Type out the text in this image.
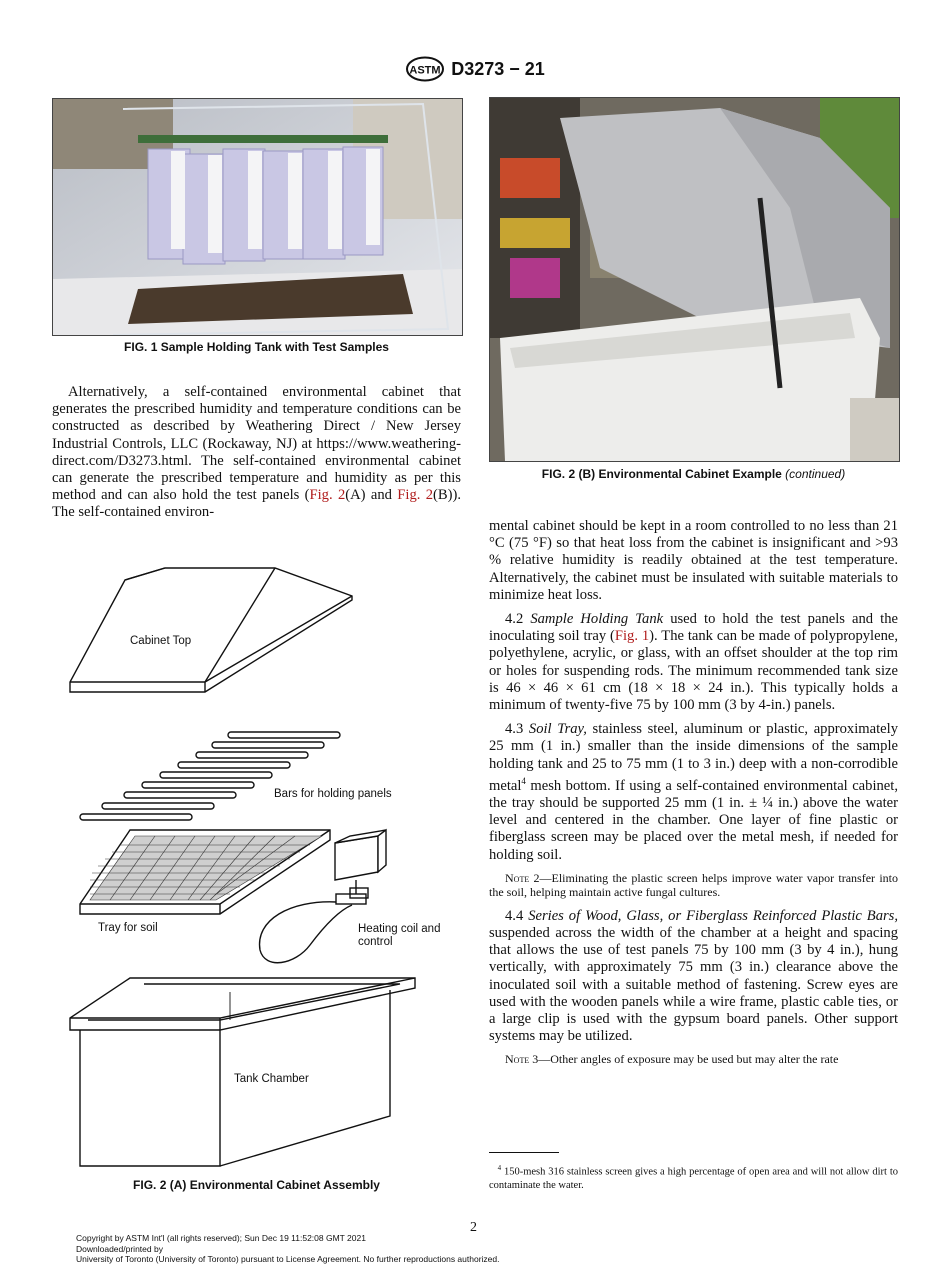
ASTM D3273 − 21
FIG. 1 Sample Holding Tank with Test Samples
FIG. 2 (B) Environmental Cabinet Example (continued)

Alternatively, a self-contained environmental cabinet that generates the prescribed humidity and temperature conditions can be constructed as described by Weathering Direct / New Jersey Industrial Controls, LLC (Rockaway, NJ) at https://www.weathering-direct.com/D3273.html. The self-contained environmental cabinet can generate the prescribed temperature and humidity as per this method and can also hold the test panels (Fig. 2(A) and Fig. 2(B)). The self-contained environ-

Cabinet Top
Bars for holding panels
Tray for soil	Heating coil and
control
Tank Chamber
FIG. 2 (A) Environmental Cabinet Assembly

mental cabinet should be kept in a room controlled to no less than 21 °C (75 °F) so that heat loss from the cabinet is insignificant and >93 % relative humidity is readily obtained at the test temperature. Alternatively, the cabinet must be insulated with suitable materials to minimize heat loss.

4.2 Sample Holding Tank used to hold the test panels and the inoculating soil tray (Fig. 1). The tank can be made of polypropylene, polyethylene, acrylic, or glass, with an offset shoulder at the top rim or holes for suspending rods. The minimum recommended tank size is 46 × 46 × 61 cm (18 × 18 × 24 in.). This typically holds a minimum of twenty-five 75 by 100 mm (3 by 4-in.) panels.

4.3 Soil Tray, stainless steel, aluminum or plastic, approximately 25 mm (1 in.) smaller than the inside dimensions of the sample holding tank and 25 to 75 mm (1 to 3 in.) deep with a non-corrodible metal$^4$ mesh bottom. If using a self-contained environmental cabinet, the tray should be supported 25 mm (1 in. ± ¼ in.) above the water level and centered in the chamber. One layer of fine plastic or fiberglass screen may be placed over the metal mesh, if needed for holding soil.

Note 2—Eliminating the plastic screen helps improve water vapor transfer into the soil, helping maintain active fungal cultures.

4.4 Series of Wood, Glass, or Fiberglass Reinforced Plastic Bars, suspended across the width of the chamber at a height and spacing that allows the use of test panels 75 by 100 mm (3 by 4 in.), hung vertically, with approximately 75 mm (3 in.) clearance above the inoculated soil with a suitable method of fastening. Screw eyes are used with the wooden panels while a wire frame, plastic cable ties, or a large clip is used with the gypsum board panels. Other support systems may be utilized.

Note 3—Other angles of exposure may be used but may alter the rate

$^4$ 150-mesh 316 stainless screen gives a high percentage of open area and will not allow dirt to contaminate the water.
2
Copyright by ASTM Int'l (all rights reserved); Sun Dec 19 11:52:08 GMT 2021
Downloaded/printed by
University of Toronto (University of Toronto) pursuant to License Agreement. No further reproductions authorized.
